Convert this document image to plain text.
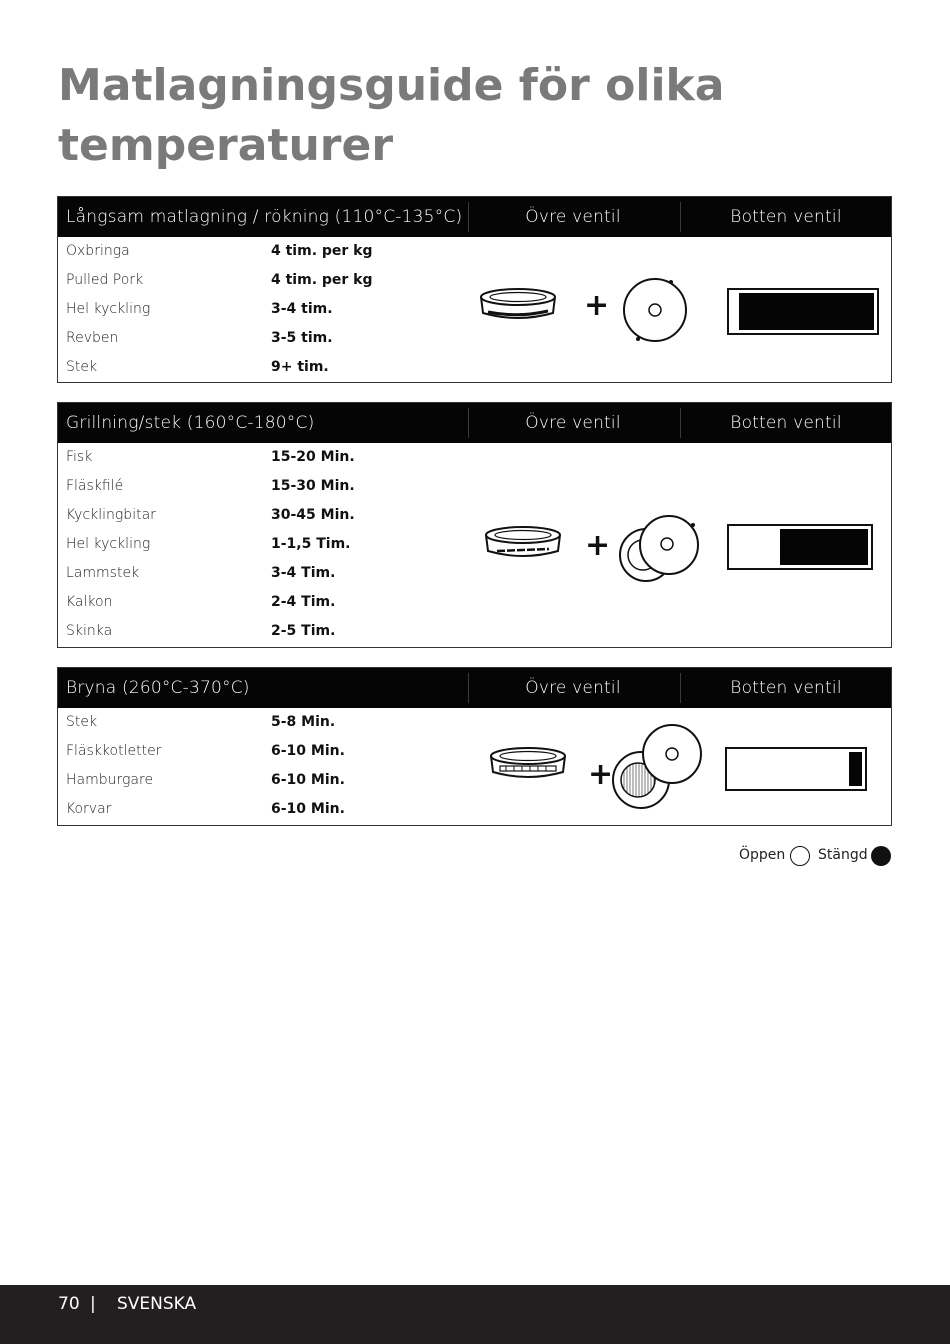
Matlagningsguide för olika temperaturer
Långsam matlagning / rökning (110°C-135°C)	Övre ventil	Botten ventil
Oxbringa	4 tim. per kg
Pulled Pork	4 tim. per kg
Hel kyckling	3-4 tim.
Revben	3-5 tim.
Stek	9+ tim.
+
Grillning/stek (160°C-180°C)	Övre ventil	Botten ventil
Fisk	15-20 Min.
Fläskfilé	15-30 Min.
Kycklingbitar	30-45 Min.
Hel kyckling	1-1,5 Tim.
Lammstek	3-4 Tim.
Kalkon	2-4 Tim.
Skinka	2-5 Tim.
+
Bryna (260°C-370°C)	Övre ventil	Botten ventil
Stek	5-8 Min.
Fläskkotletter	6-10 Min.
Hamburgare	6-10 Min.
Korvar	6-10 Min.
+
Öppen Stängd
70 | SVENSKA
